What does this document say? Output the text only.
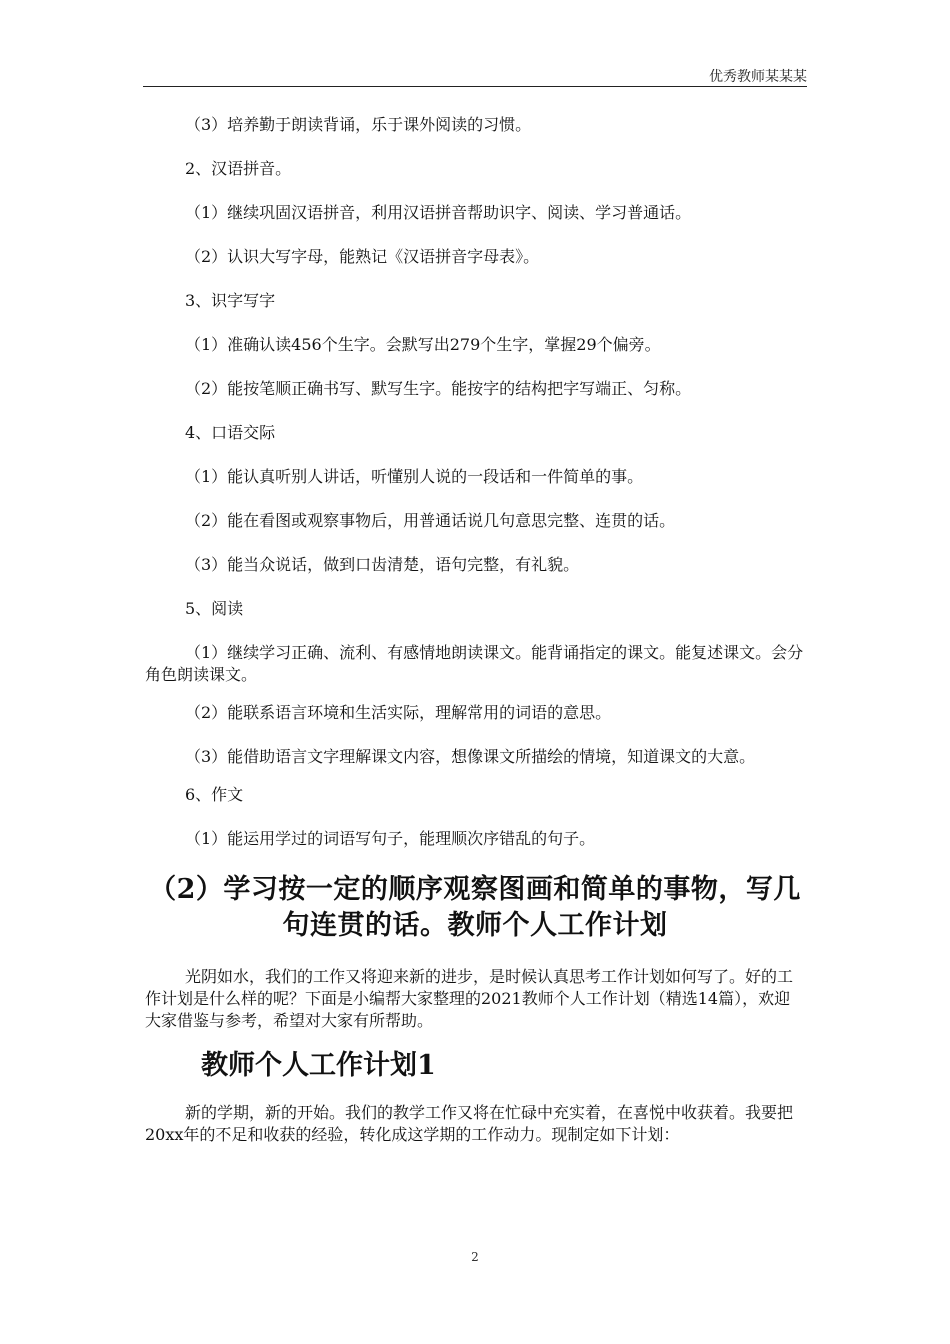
优秀教师某某某

（3）培养勤于朗读背诵，乐于课外阅读的习惯。

2、汉语拼音。

（1）继续巩固汉语拼音，利用汉语拼音帮助识字、阅读、学习普通话。

（2）认识大写字母，能熟记《汉语拼音字母表》。

3、识字写字

（1）准确认读456个生字。会默写出279个生字，掌握29个偏旁。

（2）能按笔顺正确书写、默写生字。能按字的结构把字写端正、匀称。

4、口语交际

（1）能认真听别人讲话，听懂别人说的一段话和一件简单的事。

（2）能在看图或观察事物后，用普通话说几句意思完整、连贯的话。

（3）能当众说话，做到口齿清楚，语句完整，有礼貌。

5、阅读

（1）继续学习正确、流利、有感情地朗读课文。能背诵指定的课文。能复述课文。会分角色朗读课文。

（2）能联系语言环境和生活实际，理解常用的词语的意思。

（3）能借助语言文字理解课文内容，想像课文所描绘的情境，知道课文的大意。

6、作文

（1）能运用学过的词语写句子，能理顺次序错乱的句子。

（2）学习按一定的顺序观察图画和简单的事物，写几句连贯的话。教师个人工作计划

光阴如水，我们的工作又将迎来新的进步，是时候认真思考工作计划如何写了。好的工作计划是什么样的呢？下面是小编帮大家整理的2021教师个人工作计划（精选14篇），欢迎大家借鉴与参考，希望对大家有所帮助。

教师个人工作计划1

新的学期，新的开始。我们的教学工作又将在忙碌中充实着，在喜悦中收获着。我要把20xx年的不足和收获的经验，转化成这学期的工作动力。现制定如下计划：

2
